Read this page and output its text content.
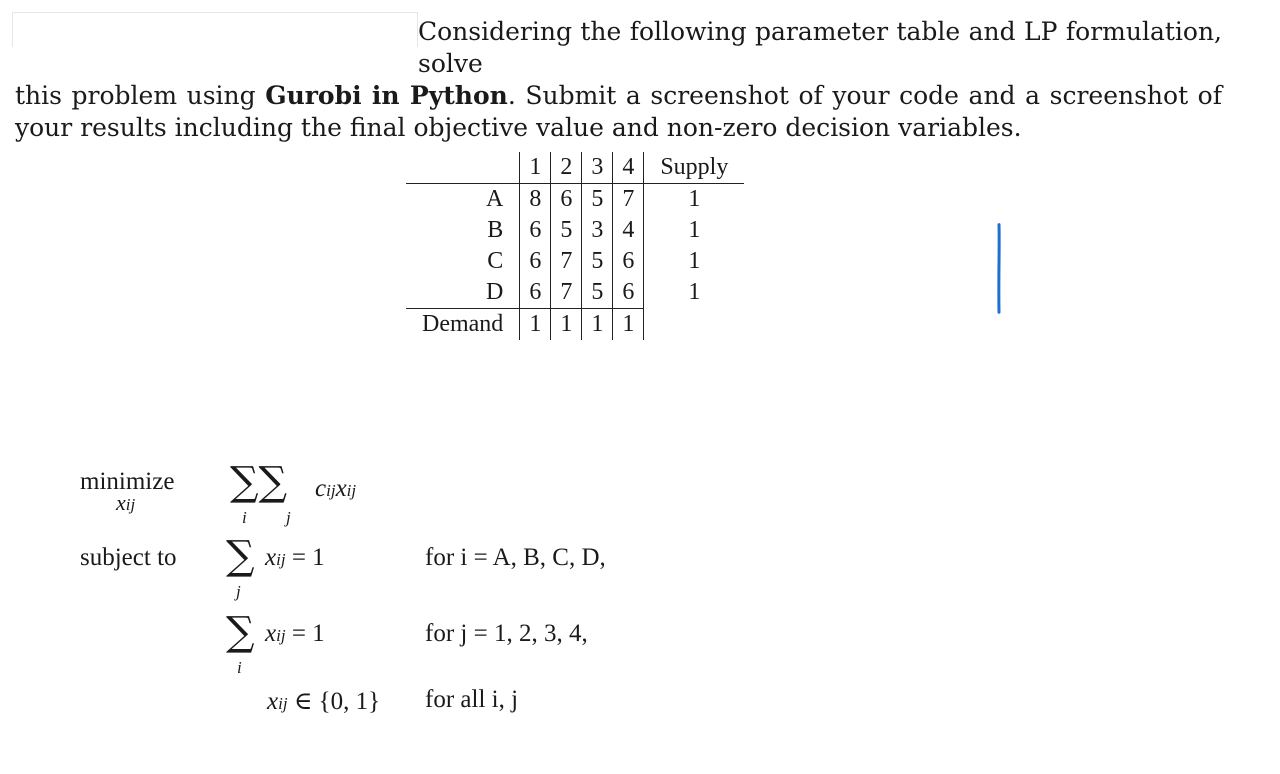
Considering the following parameter table and LP formulation, solve
this problem using Gurobi in Python. Submit a screenshot of your code and a screenshot of your results including the final objective value and non-zero decision variables.
	1	2	3	4	Supply
A	8	6	5	7	1
B	6	5	3	4	1
C	6	7	5	6	1
D	6	7	5	6	1
Demand	1	1	1	1	
minimize
xij ∑∑
i j
cijxij
subject to ∑
j
xij = 1	for i = A, B, C, D,
∑
i
xij = 1	for j = 1, 2, 3, 4,
xij ∈ {0, 1} for all i, j
